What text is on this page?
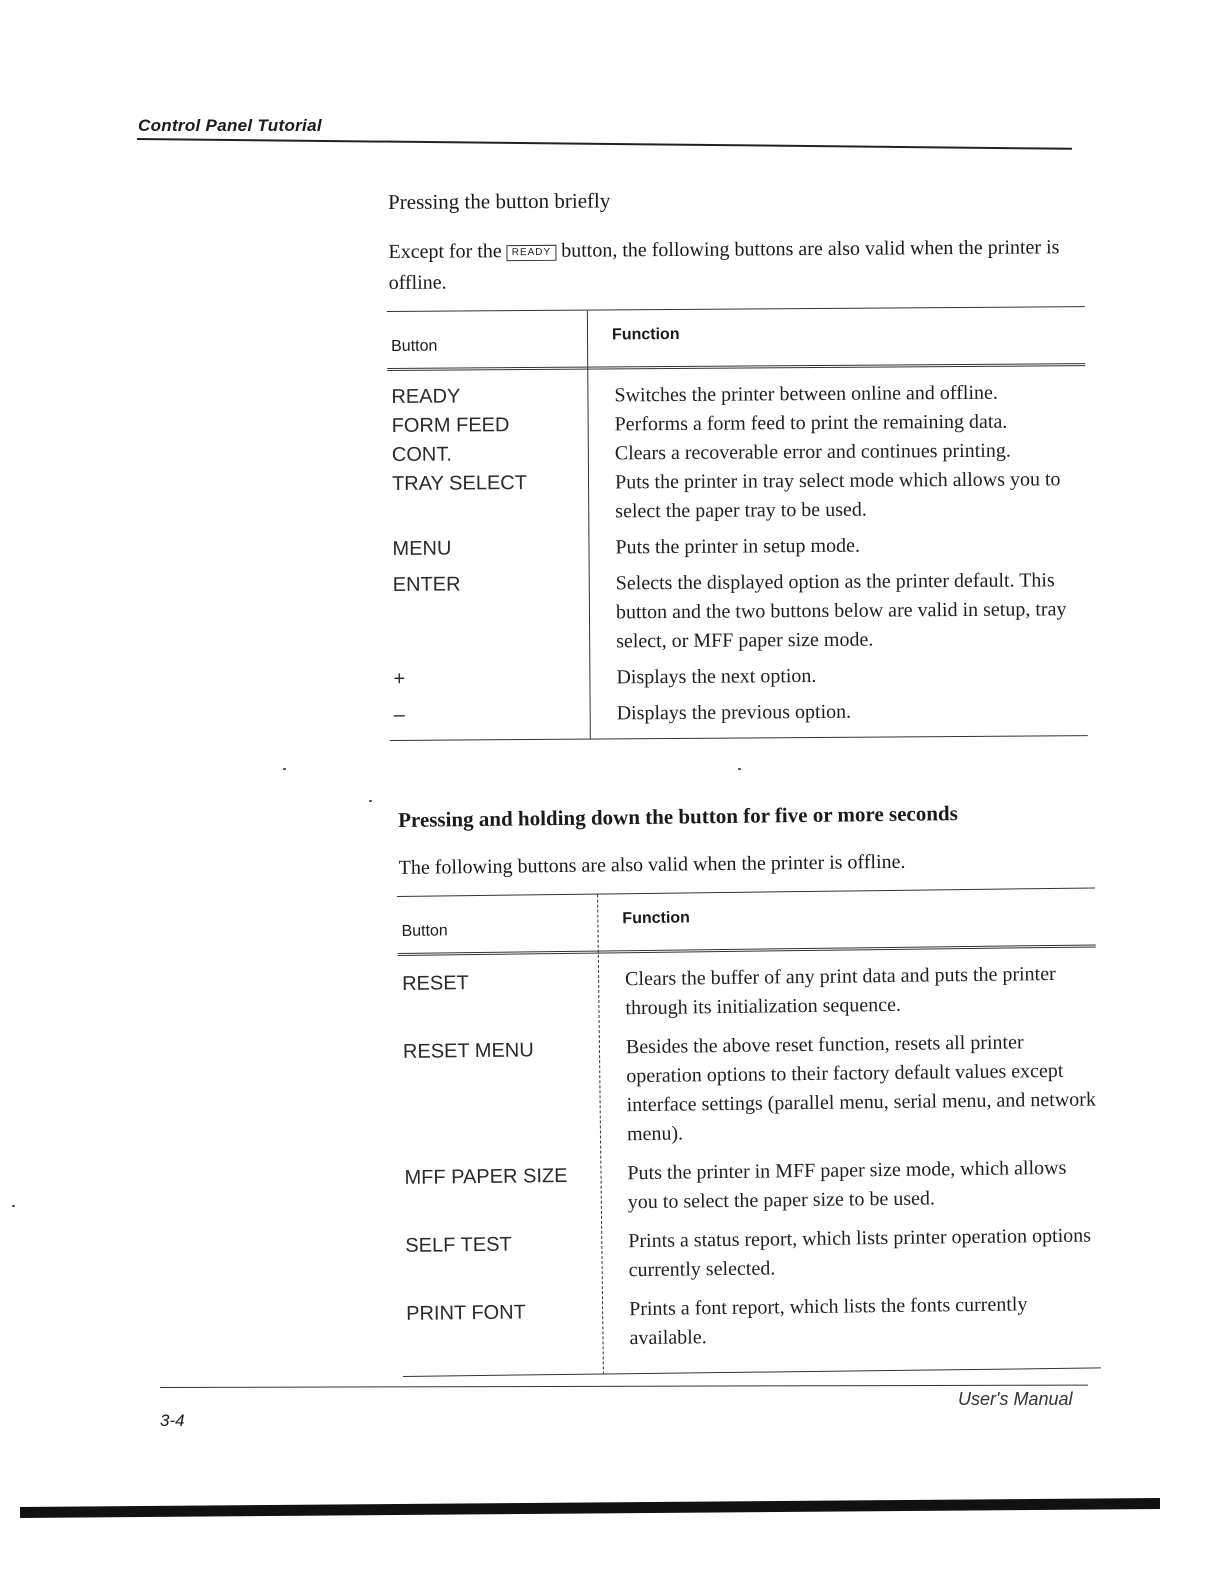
Control Panel Tutorial
Pressing the button briefly

Except for the READY button, the following buttons are also valid when the printer is offline.

Button
Function
READY	Switches the printer between online and offline.
FORM FEED	Performs a form feed to print the remaining data.
CONT.	Clears a recoverable error and continues printing.
TRAY SELECT	Puts the printer in tray select mode which allows you to select the paper tray to be used.
MENU	Puts the printer in setup mode.
ENTER	Selects the displayed option as the printer default. This button and the two buttons below are valid in setup, tray select, or MFF paper size mode.
+	Displays the next option.
–	Displays the previous option.
Pressing and holding down the button for five or more seconds

The following buttons are also valid when the printer is offline.

Button
Function
RESET	Clears the buffer of any print data and puts the printer through its initialization sequence.
RESET MENU	Besides the above reset function, resets all printer operation options to their factory default values except interface settings (parallel menu, serial menu, and network menu).
MFF PAPER SIZE	Puts the printer in MFF paper size mode, which allows you to select the paper size to be used.
SELF TEST	Prints a status report, which lists printer operation options currently selected.
PRINT FONT	Prints a font report, which lists the fonts currently available.
3-4
User's Manual
